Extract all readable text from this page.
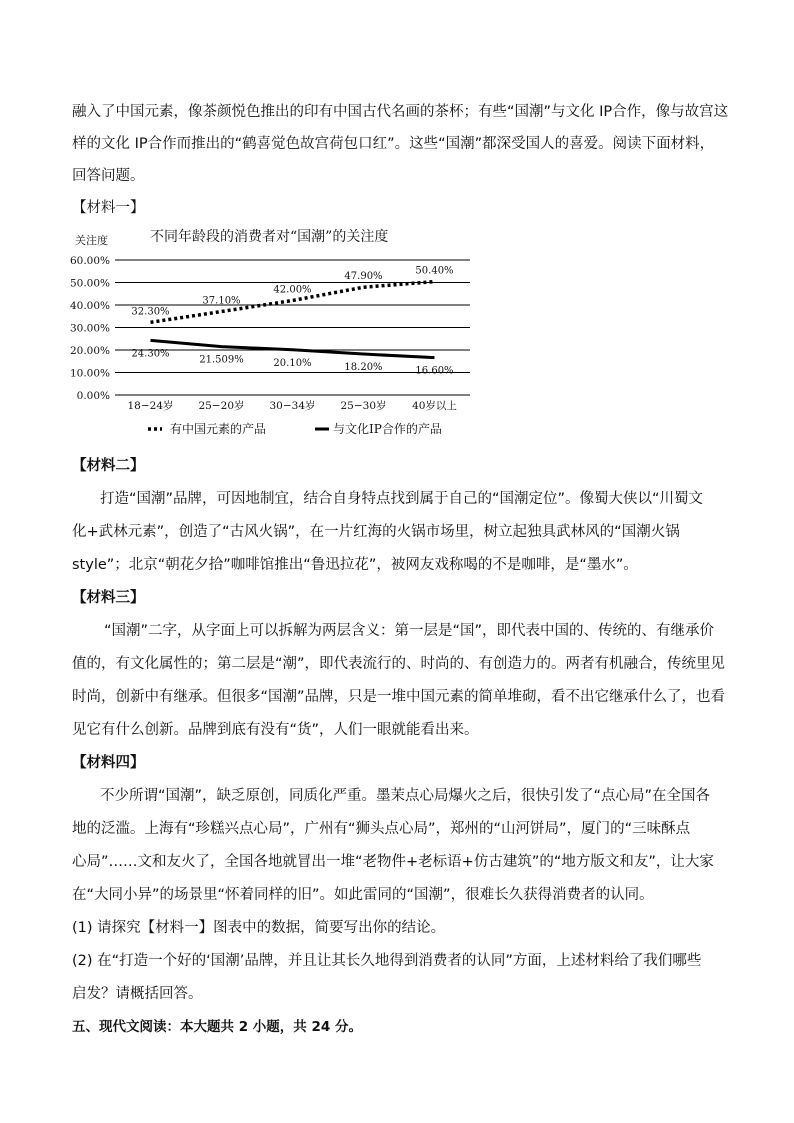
融入了中国元素，像茶颜悦色推出的印有中国古代名画的茶杯；有些“国潮”与文化 IP合作，像与故宫这
样的文化 IP合作而推出的“鹤喜觉色故宫荷包口红”。这些“国潮”都深受国人的喜爱。阅读下面材料，
回答问题。
【材料一】
关注度	不同年龄段的消费者对“国潮”的关注度
60.00%
50.00%
40.00%
30.00%
20.00%
10.00%
0.00%
18−24岁 25−20岁 30−34岁 25−30岁 40岁以上
32.30%
37.10%
42.00%
47.90%
50.40%
24.30%
21.509%	20.10%	18.20%	16.60%
有中国元素的产品	与文化IP合作的产品
【材料二】
打造“国潮”品牌，可因地制宜，结合自身特点找到属于自己的“国潮定位”。像蜀大侠以“川蜀文
化+武林元素”，创造了“古风火锅”，在一片红海的火锅市场里，树立起独具武林风的“国潮火锅
style”；北京“朝花夕拾”咖啡馆推出“鲁迅拉花”，被网友戏称喝的不是咖啡，是“墨水”。
【材料三】
“国潮”二字，从字面上可以拆解为两层含义：第一层是“国”，即代表中国的、传统的、有继承价
值的，有文化属性的；第二层是“潮”，即代表流行的、时尚的、有创造力的。两者有机融合，传统里见
时尚，创新中有继承。但很多“国潮”品牌，只是一堆中国元素的简单堆砌，看不出它继承什么了，也看
见它有什么创新。品牌到底有没有“货”，人们一眼就能看出来。
【材料四】
不少所谓“国潮”，缺乏原创，同质化严重。墨茉点心局爆火之后，很快引发了“点心局”在全国各
地的泛滥。上海有“珍糕兴点心局”，广州有“狮头点心局”，郑州的“山河饼局”，厦门的“三味酥点
心局”……文和友火了，全国各地就冒出一堆“老物件+老标语+仿古建筑”的“地方版文和友”，让大家
在“大同小异”的场景里“怀着同样的旧”。如此雷同的“国潮”，很难长久获得消费者的认同。
(1) 请探究【材料一】图表中的数据，简要写出你的结论。
(2) 在“打造一个好的‘国潮’品牌，并且让其长久地得到消费者的认同”方面，上述材料给了我们哪些
启发？请概括回答。
五、现代文阅读：本大题共 2 小题，共 24 分。
